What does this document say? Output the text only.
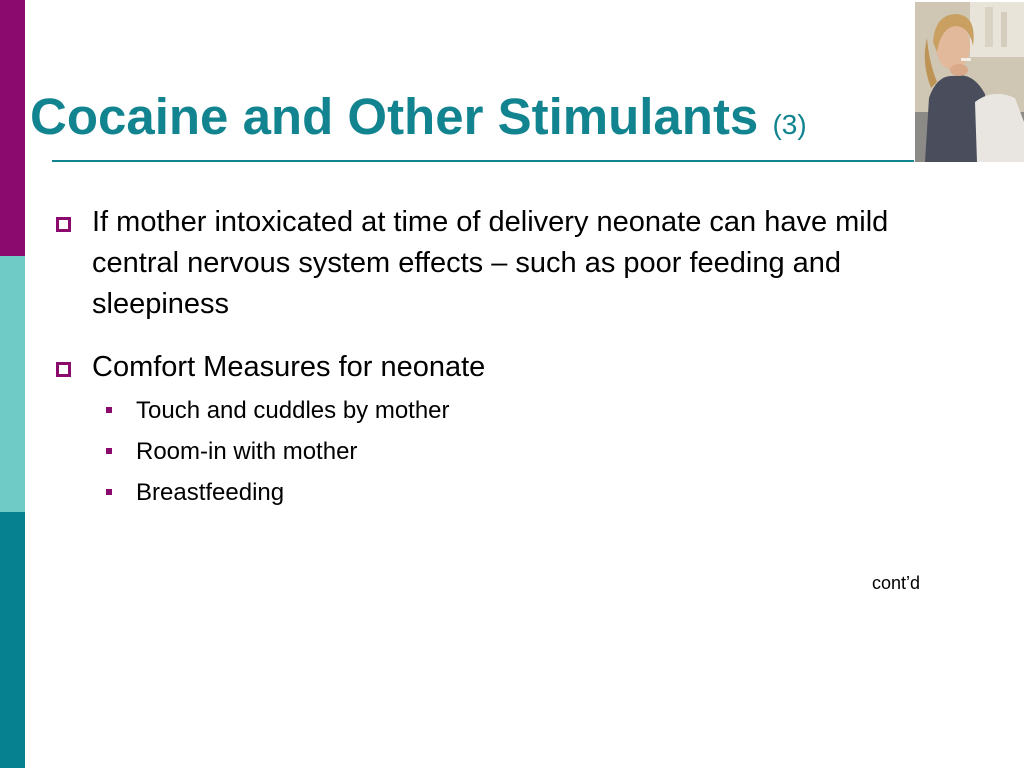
Cocaine and Other Stimulants (3)
If mother intoxicated at time of delivery neonate can have mild central nervous system effects – such as poor feeding and sleepiness
Comfort Measures for neonate
Touch and cuddles by mother
Room-in with mother
Breastfeeding
cont’d
